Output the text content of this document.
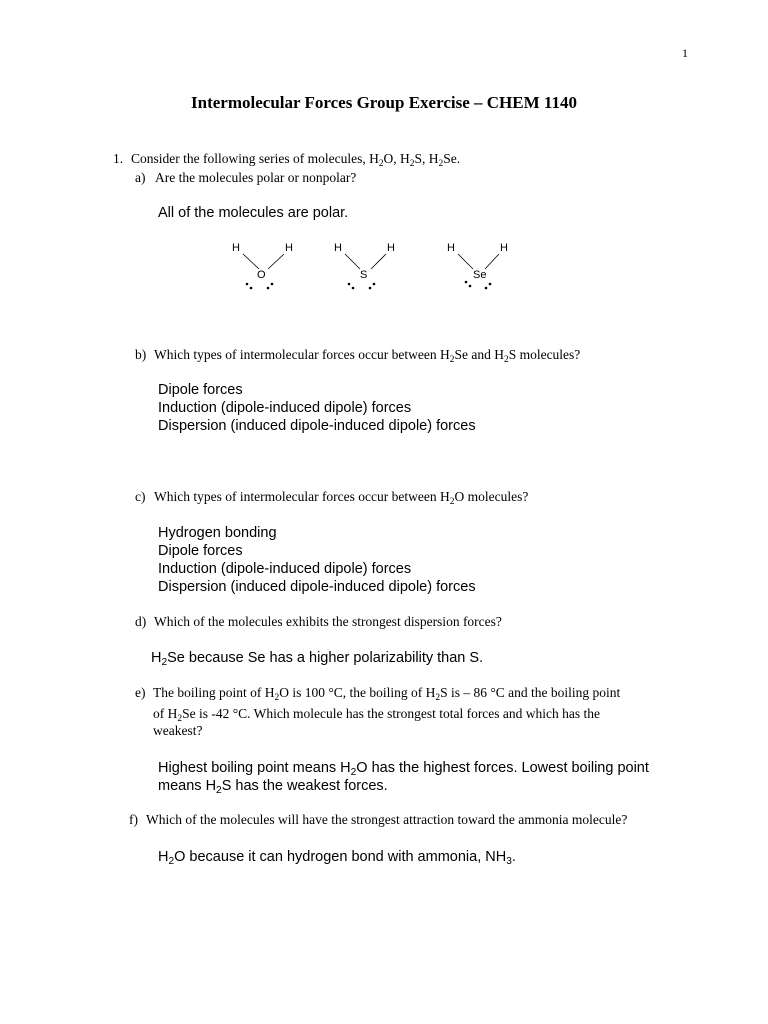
1
Intermolecular Forces Group Exercise – CHEM 1140
1. Consider the following series of molecules, $H_2O$, $H_2S$, $H_2Se$.
a) Are the molecules polar or nonpolar?
All of the molecules are polar.
H	H
O
H	H
S
H	H
Se
b) Which types of intermolecular forces occur between $H_2Se$ and $H_2S$ molecules?
Dipole forces
Induction (dipole-induced dipole) forces
Dispersion (induced dipole-induced dipole) forces
c) Which types of intermolecular forces occur between $H_2O$ molecules?
Hydrogen bonding
Dipole forces
Induction (dipole-induced dipole) forces
Dispersion (induced dipole-induced dipole) forces
d) Which of the molecules exhibits the strongest dispersion forces?
$H_2Se$ because Se has a higher polarizability than S.
e) The boiling point of $H_2O$ is 100 °C, the boiling of $H_2S$ is – 86 °C and the boiling point
of $H_2Se$ is -42 °C. Which molecule has the strongest total forces and which has the
weakest?
Highest boiling point means $H_2O$ has the highest forces. Lowest boiling point
means $H_2S$ has the weakest forces.
f) Which of the molecules will have the strongest attraction toward the ammonia molecule?
$H_2O$ because it can hydrogen bond with ammonia, $NH_3$.
